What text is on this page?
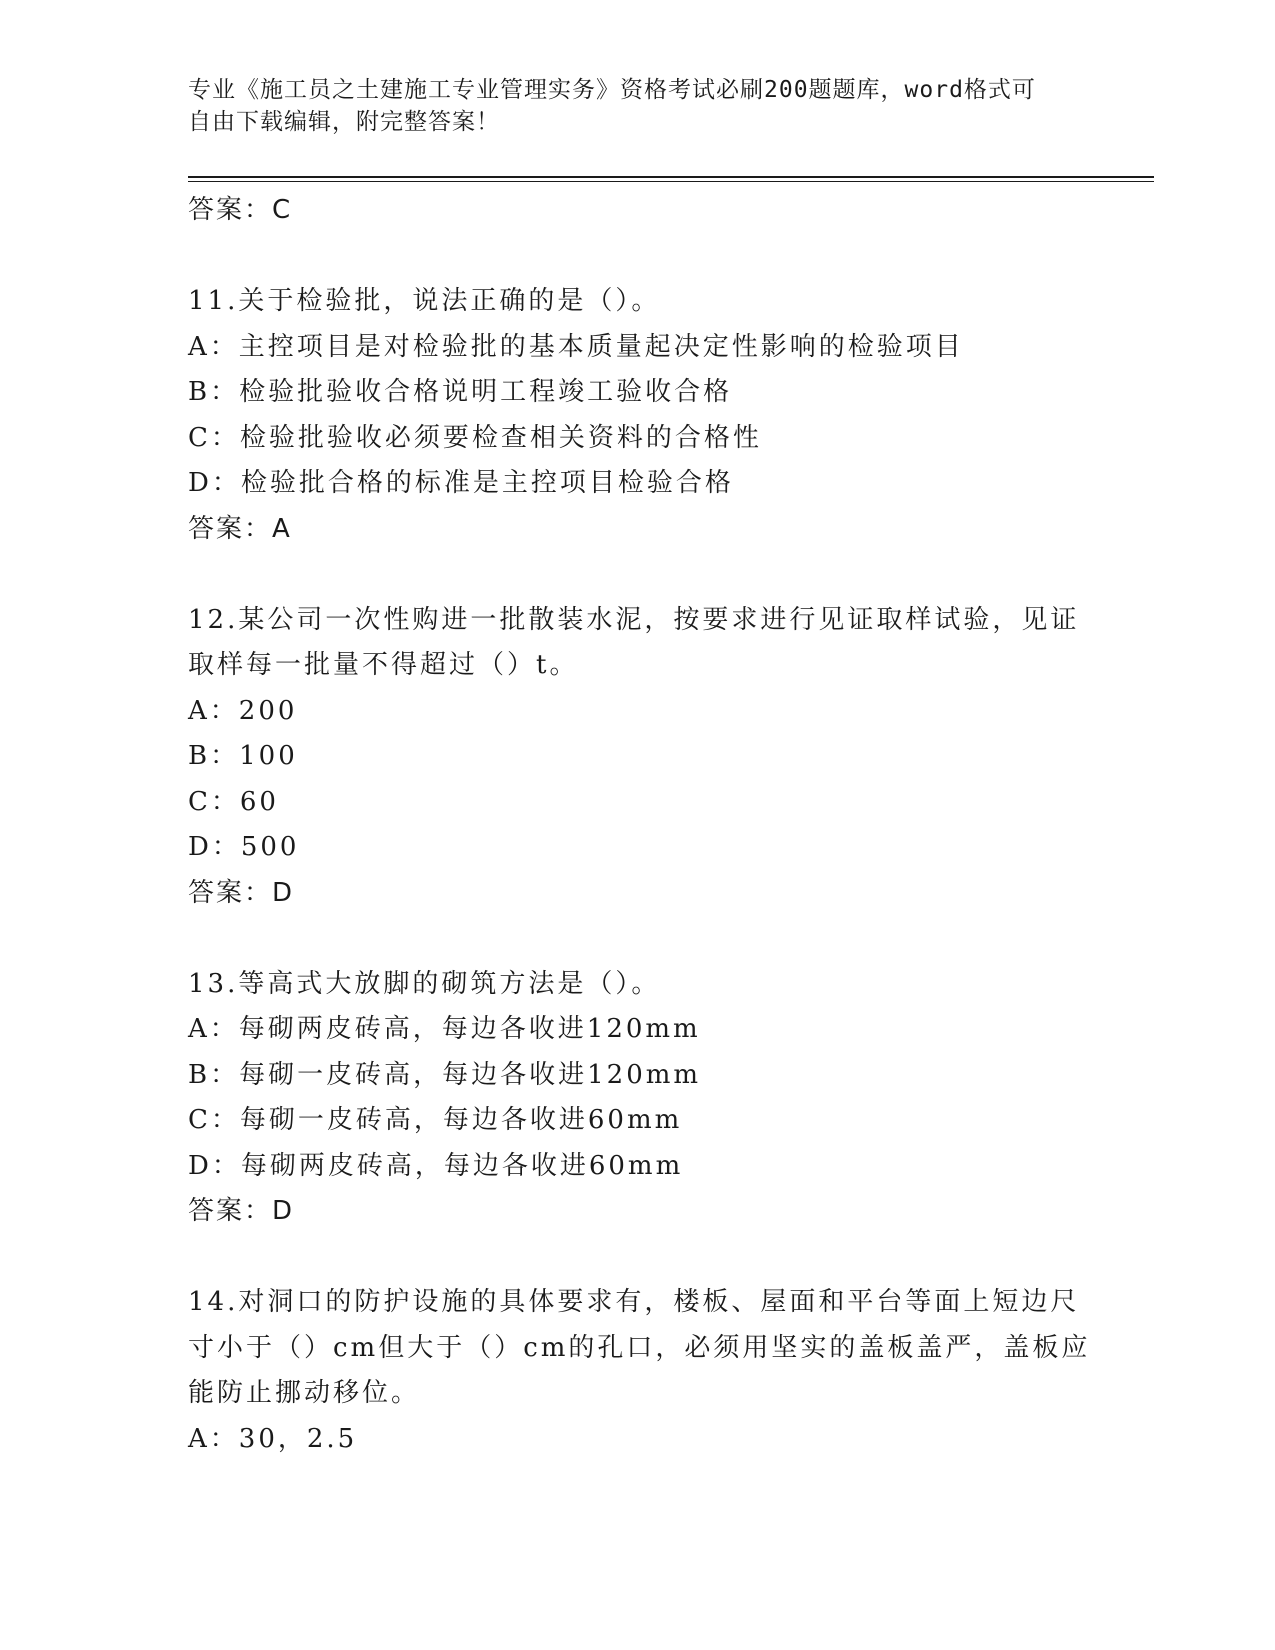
专业《施工员之土建施工专业管理实务》资格考试必刷200题题库，word格式可
自由下载编辑，附完整答案！
答案：C
11.关于检验批，说法正确的是（）。
A：主控项目是对检验批的基本质量起决定性影响的检验项目
B：检验批验收合格说明工程竣工验收合格
C：检验批验收必须要检查相关资料的合格性
D：检验批合格的标准是主控项目检验合格
答案：A
12.某公司一次性购进一批散装水泥，按要求进行见证取样试验，见证
取样每一批量不得超过（）t。
A：200
B：100
C：60
D：500
答案：D
13.等高式大放脚的砌筑方法是（）。
A：每砌两皮砖高，每边各收进120mm
B：每砌一皮砖高，每边各收进120mm
C：每砌一皮砖高，每边各收进60mm
D：每砌两皮砖高，每边各收进60mm
答案：D
14.对洞口的防护设施的具体要求有，楼板、屋面和平台等面上短边尺
寸小于（）cm但大于（）cm的孔口，必须用坚实的盖板盖严，盖板应
能防止挪动移位。
A：30，2.5
